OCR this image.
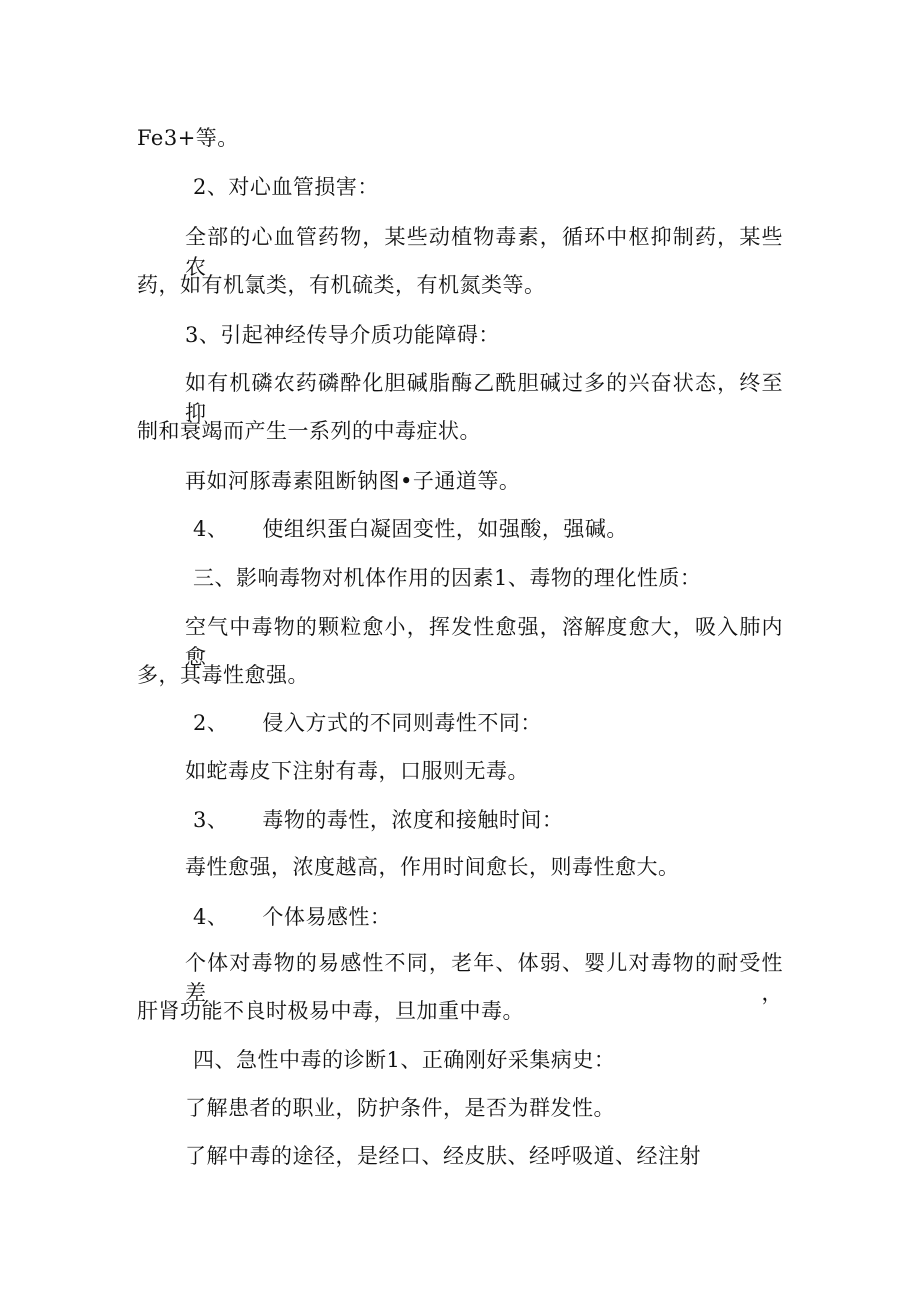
Fe3+等。
2、对心血管损害：
全部的心血管药物，某些动植物毒素，循环中枢抑制药，某些农
药，如有机氯类，有机硫类，有机氮类等。
3、引起神经传导介质功能障碍：
如有机磷农药磷酔化胆碱脂酶乙酰胆碱过多的兴奋状态，终至抑
制和衰竭而产生一系列的中毒症状。
再如河豚毒素阻断钠图•子通道等。
4、 使组织蛋白凝固变性，如强酸，强碱。
三、影响毒物对机体作用的因素1、毒物的理化性质：
空气中毒物的颗粒愈小，挥发性愈强，溶解度愈大，吸入肺内愈
多，其毒性愈强。
2、 侵入方式的不同则毒性不同：
如蛇毒皮下注射有毒，口服则无毒。
3、 毒物的毒性，浓度和接触时间：
毒性愈强，浓度越高，作用时间愈长，则毒性愈大。
4、 个体易感性：
个体对毒物的易感性不同，老年、体弱、婴儿对毒物的耐受性差，
肝肾功能不良时极易中毒，旦加重中毒。
四、急性中毒的诊断1、正确刚好采集病史：
了解患者的职业，防护条件，是否为群发性。
了解中毒的途径，是经口、经皮肤、经呼吸道、经注射
